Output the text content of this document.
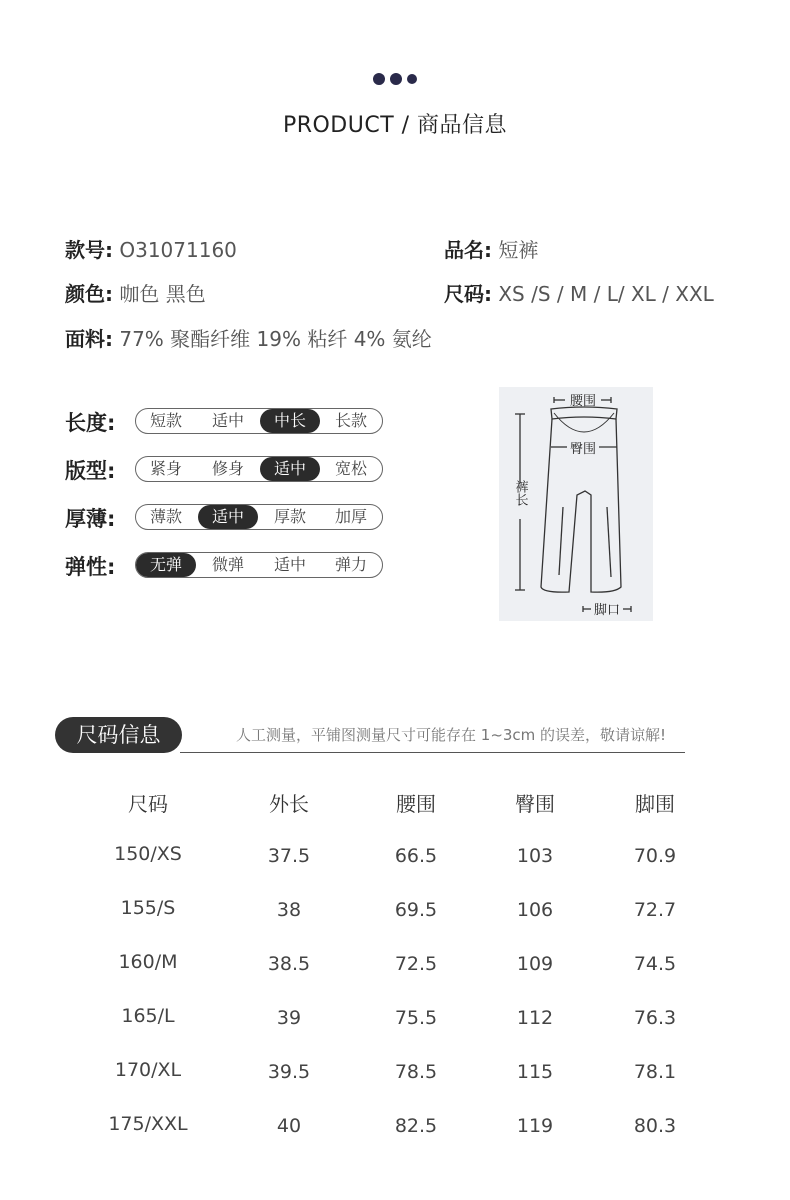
PRODUCT / 商品信息
款号: O31071160	品名: 短裤
颜色: 咖色 黑色	尺码: XS /S / M / L/ XL / XXL
面料: 77% 聚酯纤维 19% 粘纤 4% 氨纶
长度:	短款	适中	中长	长款
版型:	紧身	修身	适中	宽松
厚薄:	薄款	适中	厚款	加厚
弹性:	无弹	微弹	适中	弹力
腰围
臀围
裤长
脚口
尺码信息	人工测量，平铺图测量尺寸可能存在 1~3cm 的误差，敬请谅解!
尺码	外长	腰围	臀围	脚围
150/XS	37.5	66.5	103	70.9
155/S	38	69.5	106	72.7
160/M	38.5	72.5	109	74.5
165/L	39	75.5	112	76.3
170/XL	39.5	78.5	115	78.1
175/XXL	40	82.5	119	80.3
